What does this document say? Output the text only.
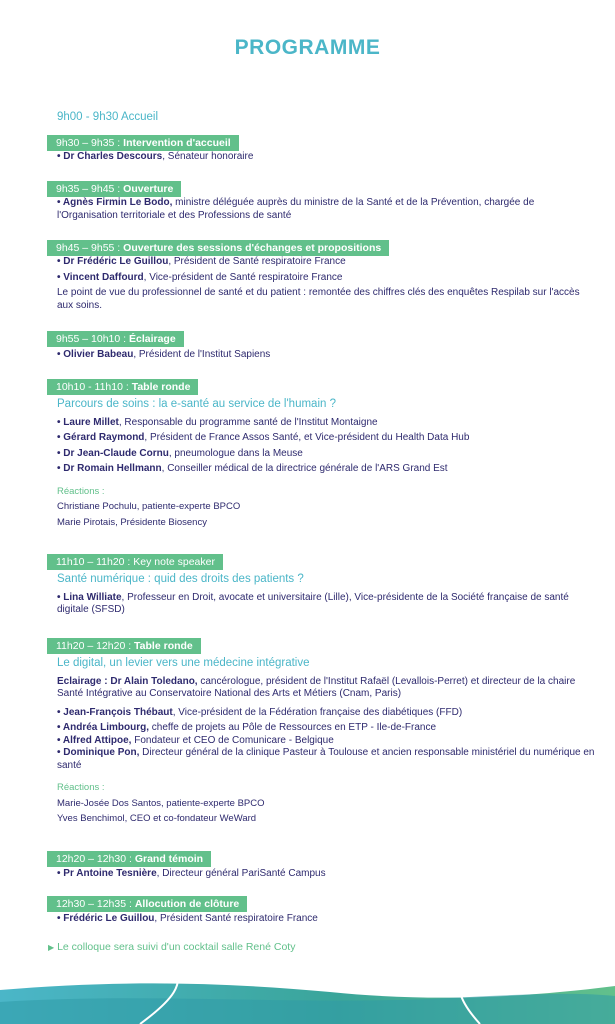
PROGRAMME
9h00 - 9h30 Accueil
9h30 – 9h35 : Intervention d'accueil
• Dr Charles Descours, Sénateur honoraire
9h35 – 9h45 : Ouverture
• Agnès Firmin Le Bodo, ministre déléguée auprès du ministre de la Santé et de la Prévention, chargée de l'Organisation territoriale et des Professions de santé
9h45 – 9h55 : Ouverture des sessions d'échanges et propositions
• Dr Frédéric Le Guillou, Président de Santé respiratoire France
• Vincent Daffourd, Vice-président de Santé respiratoire France
Le point de vue du professionnel de santé et du patient : remontée des chiffres clés des enquêtes Respilab sur l'accès aux soins.
9h55 – 10h10 : Éclairage
• Olivier Babeau, Président de l'Institut Sapiens
10h10 - 11h10 : Table ronde
Parcours de soins : la e-santé au service de l'humain ?
• Laure Millet, Responsable du programme santé de l'Institut Montaigne
• Gérard Raymond, Président de France Assos Santé, et Vice-président du Health Data Hub
• Dr Jean-Claude Cornu, pneumologue dans la Meuse
• Dr Romain Hellmann, Conseiller médical de la directrice générale de l'ARS Grand Est
Réactions :
Christiane Pochulu, patiente-experte BPCO
Marie Pirotais, Présidente Biosency
11h10 – 11h20 : Key note speaker
Santé numérique : quid des droits des patients ?
• Lina Williate, Professeur en Droit, avocate et universitaire (Lille), Vice-présidente de la Société française de santé digitale (SFSD)
11h20 – 12h20 : Table ronde
Le digital, un levier vers une médecine intégrative
Eclairage : Dr Alain Toledano, cancérologue, président de l'Institut Rafaël (Levallois-Perret) et directeur de la chaire Santé Intégrative au Conservatoire National des Arts et Métiers (Cnam, Paris)
• Jean-François Thébaut, Vice-président de la Fédération française des diabétiques (FFD)
• Andréa Limbourg, cheffe de projets au Pôle de Ressources en ETP - Ile-de-France
• Alfred Attipoe, Fondateur et CEO de Comunicare - Belgique
• Dominique Pon, Directeur général de la clinique Pasteur à Toulouse et ancien responsable ministériel du numérique en santé
Réactions :
Marie-Josée Dos Santos, patiente-experte BPCO
Yves Benchimol, CEO et co-fondateur WeWard
12h20 – 12h30 : Grand témoin
• Pr Antoine Tesnière, Directeur général PariSanté Campus
12h30 – 12h35 : Allocution de clôture
• Frédéric Le Guillou, Président Santé respiratoire France
▶ Le colloque sera suivi d'un cocktail salle René Coty
